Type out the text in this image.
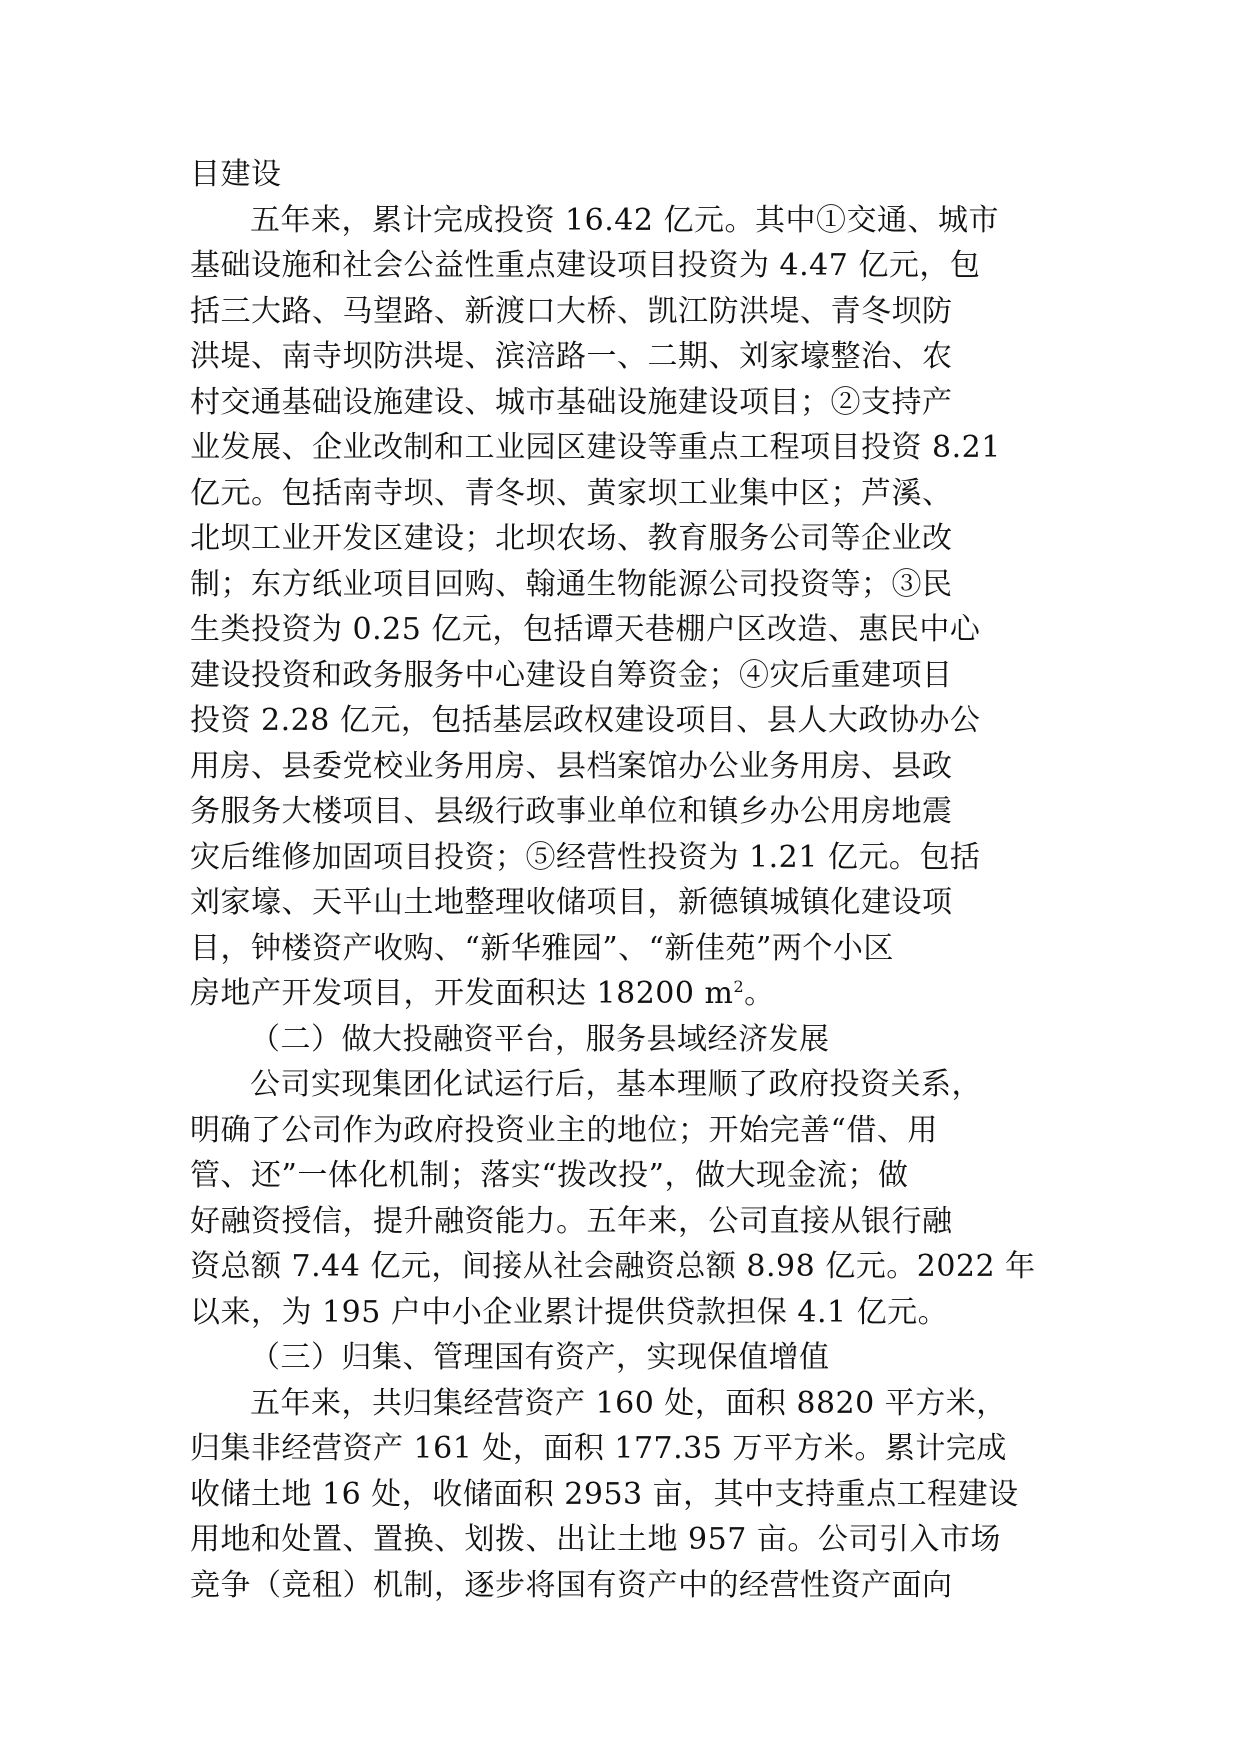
目建设

五年来，累计完成投资 16.42 亿元。其中①交通、城市
基础设施和社会公益性重点建设项目投资为 4.47 亿元，包
括三大路、马望路、新渡口大桥、凯江防洪堤、青冬坝防
洪堤、南寺坝防洪堤、滨涪路一、二期、刘家壕整治、农
村交通基础设施建设、城市基础设施建设项目；②支持产
业发展、企业改制和工业园区建设等重点工程项目投资 8.21
亿元。包括南寺坝、青冬坝、黄家坝工业集中区；芦溪、
北坝工业开发区建设；北坝农场、教育服务公司等企业改
制；东方纸业项目回购、翰通生物能源公司投资等；③民
生类投资为 0.25 亿元，包括谭天巷棚户区改造、惠民中心
建设投资和政务服务中心建设自筹资金；④灾后重建项目
投资 2.28 亿元，包括基层政权建设项目、县人大政协办公
用房、县委党校业务用房、县档案馆办公业务用房、县政
务服务大楼项目、县级行政事业单位和镇乡办公用房地震
灾后维修加固项目投资；⑤经营性投资为 1.21 亿元。包括
刘家壕、天平山土地整理收储项目，新德镇城镇化建设项
目，钟楼资产收购、“新华雅园”、“新佳苑”两个小区
房地产开发项目，开发面积达 18200 $m^2$。

（二）做大投融资平台，服务县域经济发展

公司实现集团化试运行后，基本理顺了政府投资关系，
明确了公司作为政府投资业主的地位；开始完善“借、用
管、还”一体化机制；落实“拨改投”，做大现金流；做
好融资授信，提升融资能力。五年来，公司直接从银行融
资总额 7.44 亿元，间接从社会融资总额 8.98 亿元。2022 年
以来，为 195 户中小企业累计提供贷款担保 4.1 亿元。

（三）归集、管理国有资产，实现保值增值

五年来，共归集经营资产 160 处，面积 8820 平方米，
归集非经营资产 161 处，面积 177.35 万平方米。累计完成
收储土地 16 处，收储面积 2953 亩，其中支持重点工程建设
用地和处置、置换、划拨、出让土地 957 亩。公司引入市场
竞争（竞租）机制，逐步将国有资产中的经营性资产面向
